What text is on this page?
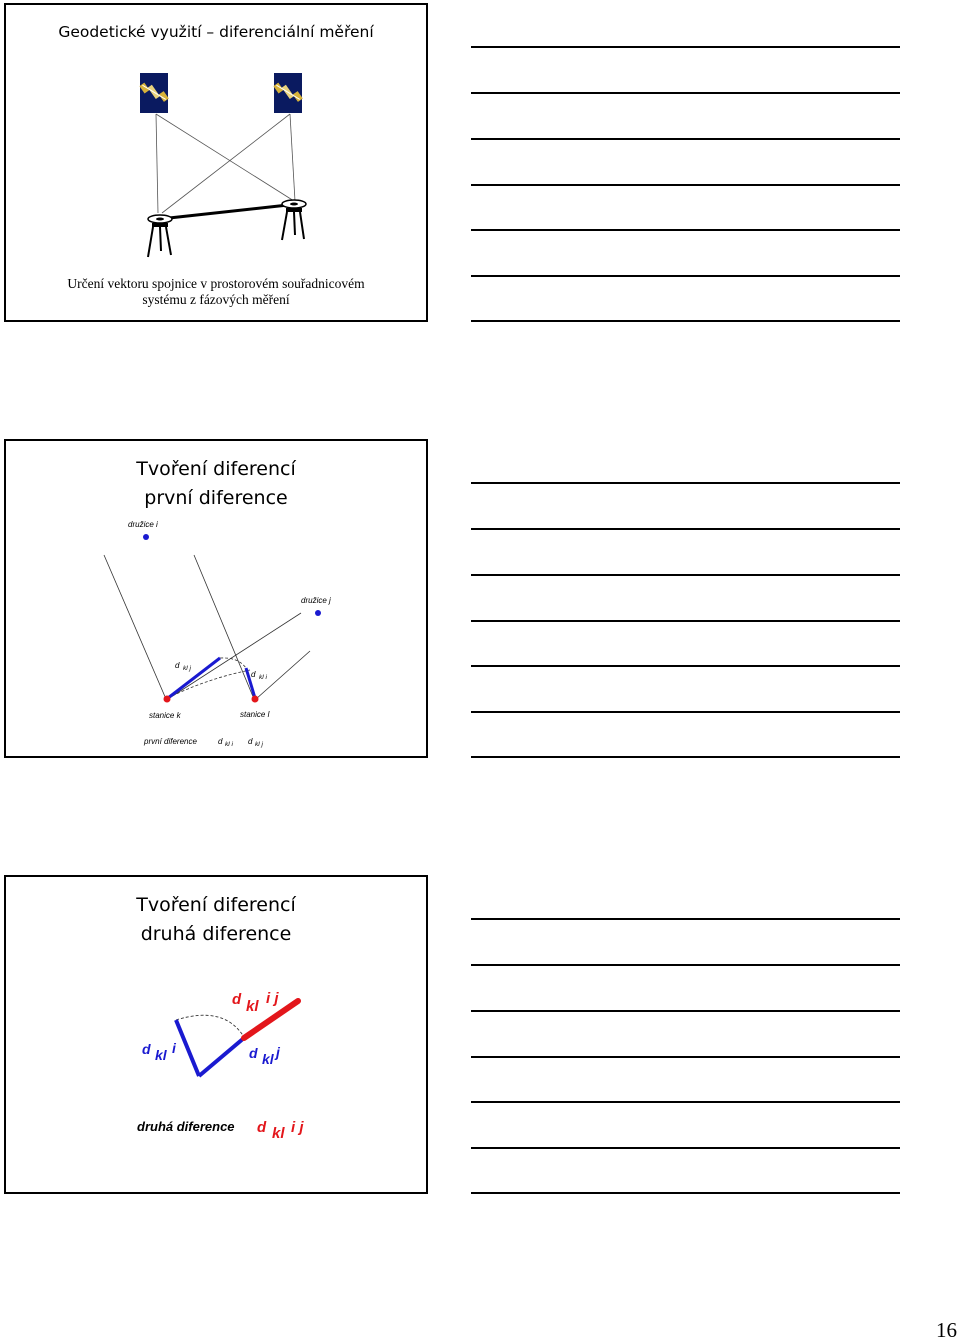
Geodetické využití – diferenciální měření
Určení vektoru spojnice v prostorovém souřadnicovém
systému z fázových měření
Tvoření diferencí
první diference
družice i
družice j
stanice k	stanice l
d kl j
d kl i
první diference	d kl i d kl j
Tvoření diferencí
druhá diference
d kl i j
d kl i	d kl j
druhá diference d kl i j
16
